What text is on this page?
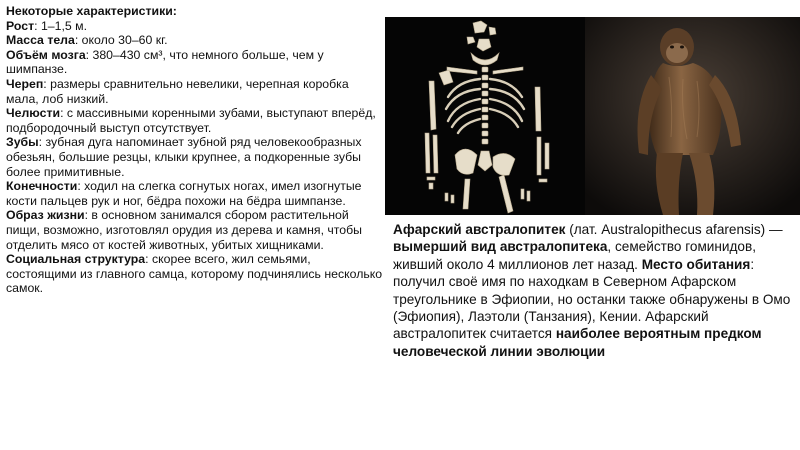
Некоторые характеристики:

Рост: 1–1,5 м.

Масса тела: около 30–60 кг.

Объём мозга: 380–430 см³, что немного больше, чем у шимпанзе.

Череп: размеры сравнительно невелики, черепная коробка мала, лоб низкий.

Челюсти: с массивными коренными зубами, выступают вперёд, подбородочный выступ отсутствует.

Зубы: зубная дуга напоминает зубной ряд человекообразных обезьян, большие резцы, клыки крупнее, а подкоренные зубы более примитивные.

Конечности: ходил на слегка согнутых ногах, имел изогнутые кости пальцев рук и ног, бёдра похожи на бёдра шимпанзе.

Образ жизни: в основном занимался сбором растительной пищи, возможно, изготовлял орудия из дерева и камня, чтобы отделить мясо от костей животных, убитых хищниками.

Социальная структура: скорее всего, жил семьями, состоящими из главного самца, которому подчинялись несколько самок.

Афарский австралопитек (лат. Australopithecus afarensis) — вымерший вид австралопитека, семейство гоминидов, живший около 4 миллионов лет назад. Место обитания: получил своё имя по находкам в Северном Афарском треугольнике в Эфиопии, но останки также обнаружены в Омо (Эфиопия), Лаэтоли (Танзания), Кении. Афарский австралопитек считается наиболее вероятным предком человеческой линии эволюции
